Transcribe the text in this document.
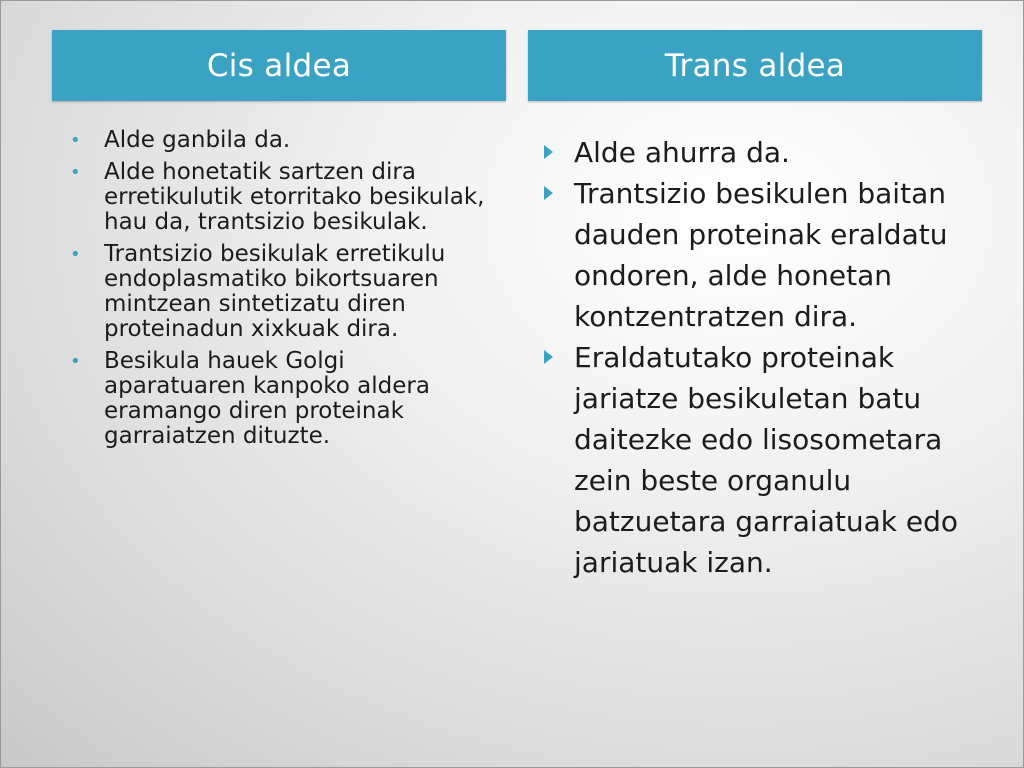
Cis aldea	Trans aldea
• Alde ganbila da.
• Alde honetatik sartzen dira erretikulutik etorritako besikulak, hau da, trantsizio besikulak.
• Trantsizio besikulak erretikulu endoplasmatiko bikortsuaren mintzean sintetizatu diren proteinadun xixkuak dira.
• Besikula hauek Golgi aparatuaren kanpoko aldera eramango diren proteinak garraiatzen dituzte.
Alde ahurra da.
Trantsizio besikulen baitan dauden proteinak eraldatu ondoren, alde honetan kontzentratzen dira.
Eraldatutako proteinak jariatze besikuletan batu daitezke edo lisosometara zein beste organulu batzuetara garraiatuak edo jariatuak izan.
